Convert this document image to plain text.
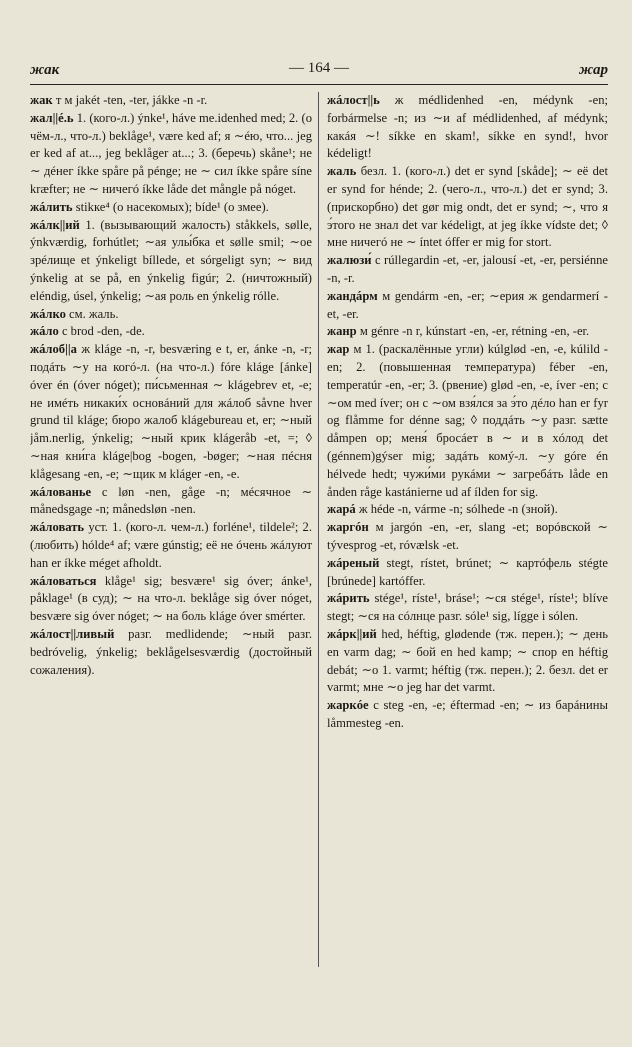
жак	— 164 —	жар

жак т м jakét -ten, -ter, jákke -n -r.

жал||é.ь 1. (кого-л.) ýnke¹, háve me.idenhed med; 2. (о чём-л., что-л.) beklåge¹, være ked af; я ∼éю, что... jeg er ked af at..., jeg beklåger at...; 3. (беречь) skåne¹; не ∼ дéнег íkke spåre på pénge; не ∼ сил íkke spåre síne kræfter; не ∼ ничегó íkke låde det mångle på nóget.

жáлить stikке⁴ (о насекомых); bíde¹ (о змее).

жáлк||ий 1. (вызывающий жалость) ståkkels, sølle, ýnkværdig, forhútlet; ∼ая улы́бка et sølle smil; ∼ое зрéлище et ýnkeligt bíllede, et sórgeligt syn; ∼ вид ýnkelig at se på, en ýnkelig figúr; 2. (ничтожный) eléndig, úsel, ýnkelig; ∼ая роль en ýnkelig rólle.

жáлко см. жаль.

жáло с brod -den, -de.

жáлоб||а ж kláge -n, -r, besværing e t, er, ánke -n, -r; подáть ∼у на когó-л. (на что-л.) fóre kláge [ánke] óver én (óver nóget); пи́сьменная ∼ klágebrev et, -e; не имéть никаки́х основáний для жáлоб såvne hver grund til kláge; бюро жалоб klágebureau et, er; ∼ный jåm.nerlig, ýnkelig; ∼ный крик klágeråb -et, =; ◊ ∼ная кни́га kláge|bog -bogen, -bøger; ∼ная пéсня klågesang -en, -e; ∼щик м kláger -en, -e.

жáлованье с løn -nen, gåge -n; мéсячное ∼ månedsgage -n; månedsløn -nen.

жáловать уст. 1. (кого-л. чем-л.) forléne¹, tildele²; 2. (любить) hólde⁴ af; være gúnstig; её не óчень жáлуют han er íkke méget afholdt.

жáловаться klåge¹ sig; besvære¹ sig óver; ánke¹, påklage¹ (в суд); ∼ на что-л. beklåge sig óver nóget, besvære sig óver nóget; ∼ на боль kláge óver smérter.

жáлост||ливый разг. medlidende; ∼ный разг. bedróvelig, ýnkelig; beklågelsesværdig (достойный сожаления).

жáлост||ь ж médlidenhed -en, médynk -en; forbármelse -n; из ∼и af médlidenhed, af médynk; какáя ∼! síkke en skam!, síkke en synd!, hvor kédeligt!

жаль безл. 1. (кого-л.) det er synd [skåde]; ∼ eё det er synd for hénde; 2. (чего-л., что-л.) det er synd; 3. (прискорбно) det gør mig ondt, det er synd; ∼, что я э́того не знал det var kédeligt, at jeg íkke vídste det; ◊ мне ничегó не ∼ íntet óffer er mig for stort.

жалюзи́ с rúllegardin -et, -er, jalousí -et, -er, persiénne -n, -r.

жандáрм м gendárm -en, -er; ∼ерия ж gendarmerí -et, -er.

жанр м génre -n r, kúnstart -en, -er, rétning -en, -er.

жар м 1. (раскалённые угли) kúlglød -en, -e, kúlild -en; 2. (повышенная температура) féber -en, temperatúr -en, -er; 3. (рвение) glød -en, -e, íver -en; с ∼ом med íver; он с ∼ом взя́лся за э́то дéло han er fyr og flåmme for dénne sag; ◊ поддáть ∼у разг. sætte dåmpen op; меня́ бросáет в ∼ и в хóлод det (génnem)gýser mig; задáть комý-л. ∼у góre én hélvede hedt; чужи́ми рукáми ∼ загребáть låde en ånden råge kastánierne ud af ílden for sig.

жарá ж héde -n, várme -n; sólhede -n (зной).

жаргóн м jargón -en, -er, slang -et; ворóвской ∼ tývesprog -et, róvælsk -et.

жáреный stegt, rístet, brúnet; ∼ картóфель stégte [brúnede] kartóffer.

жáрить stége¹, ríste¹, bráse¹; ∼ся stége¹, ríste¹; blíve stegt; ∼ся на сóлнце разг. sóle¹ sig, lígge i sólen.

жáрк||ий hed, héftig, glødende (тж. перен.); ∼ день en varm dag; ∼ бой en hed kamp; ∼ спор en héftig debát; ∼о 1. varmt; héftig (тж. перен.); 2. безл. det er varmt; мне ∼о jeg har det varmt.

жаркóе с steg -en, -e; éftermad -en; ∼ из барáнины låmmesteg -en.
